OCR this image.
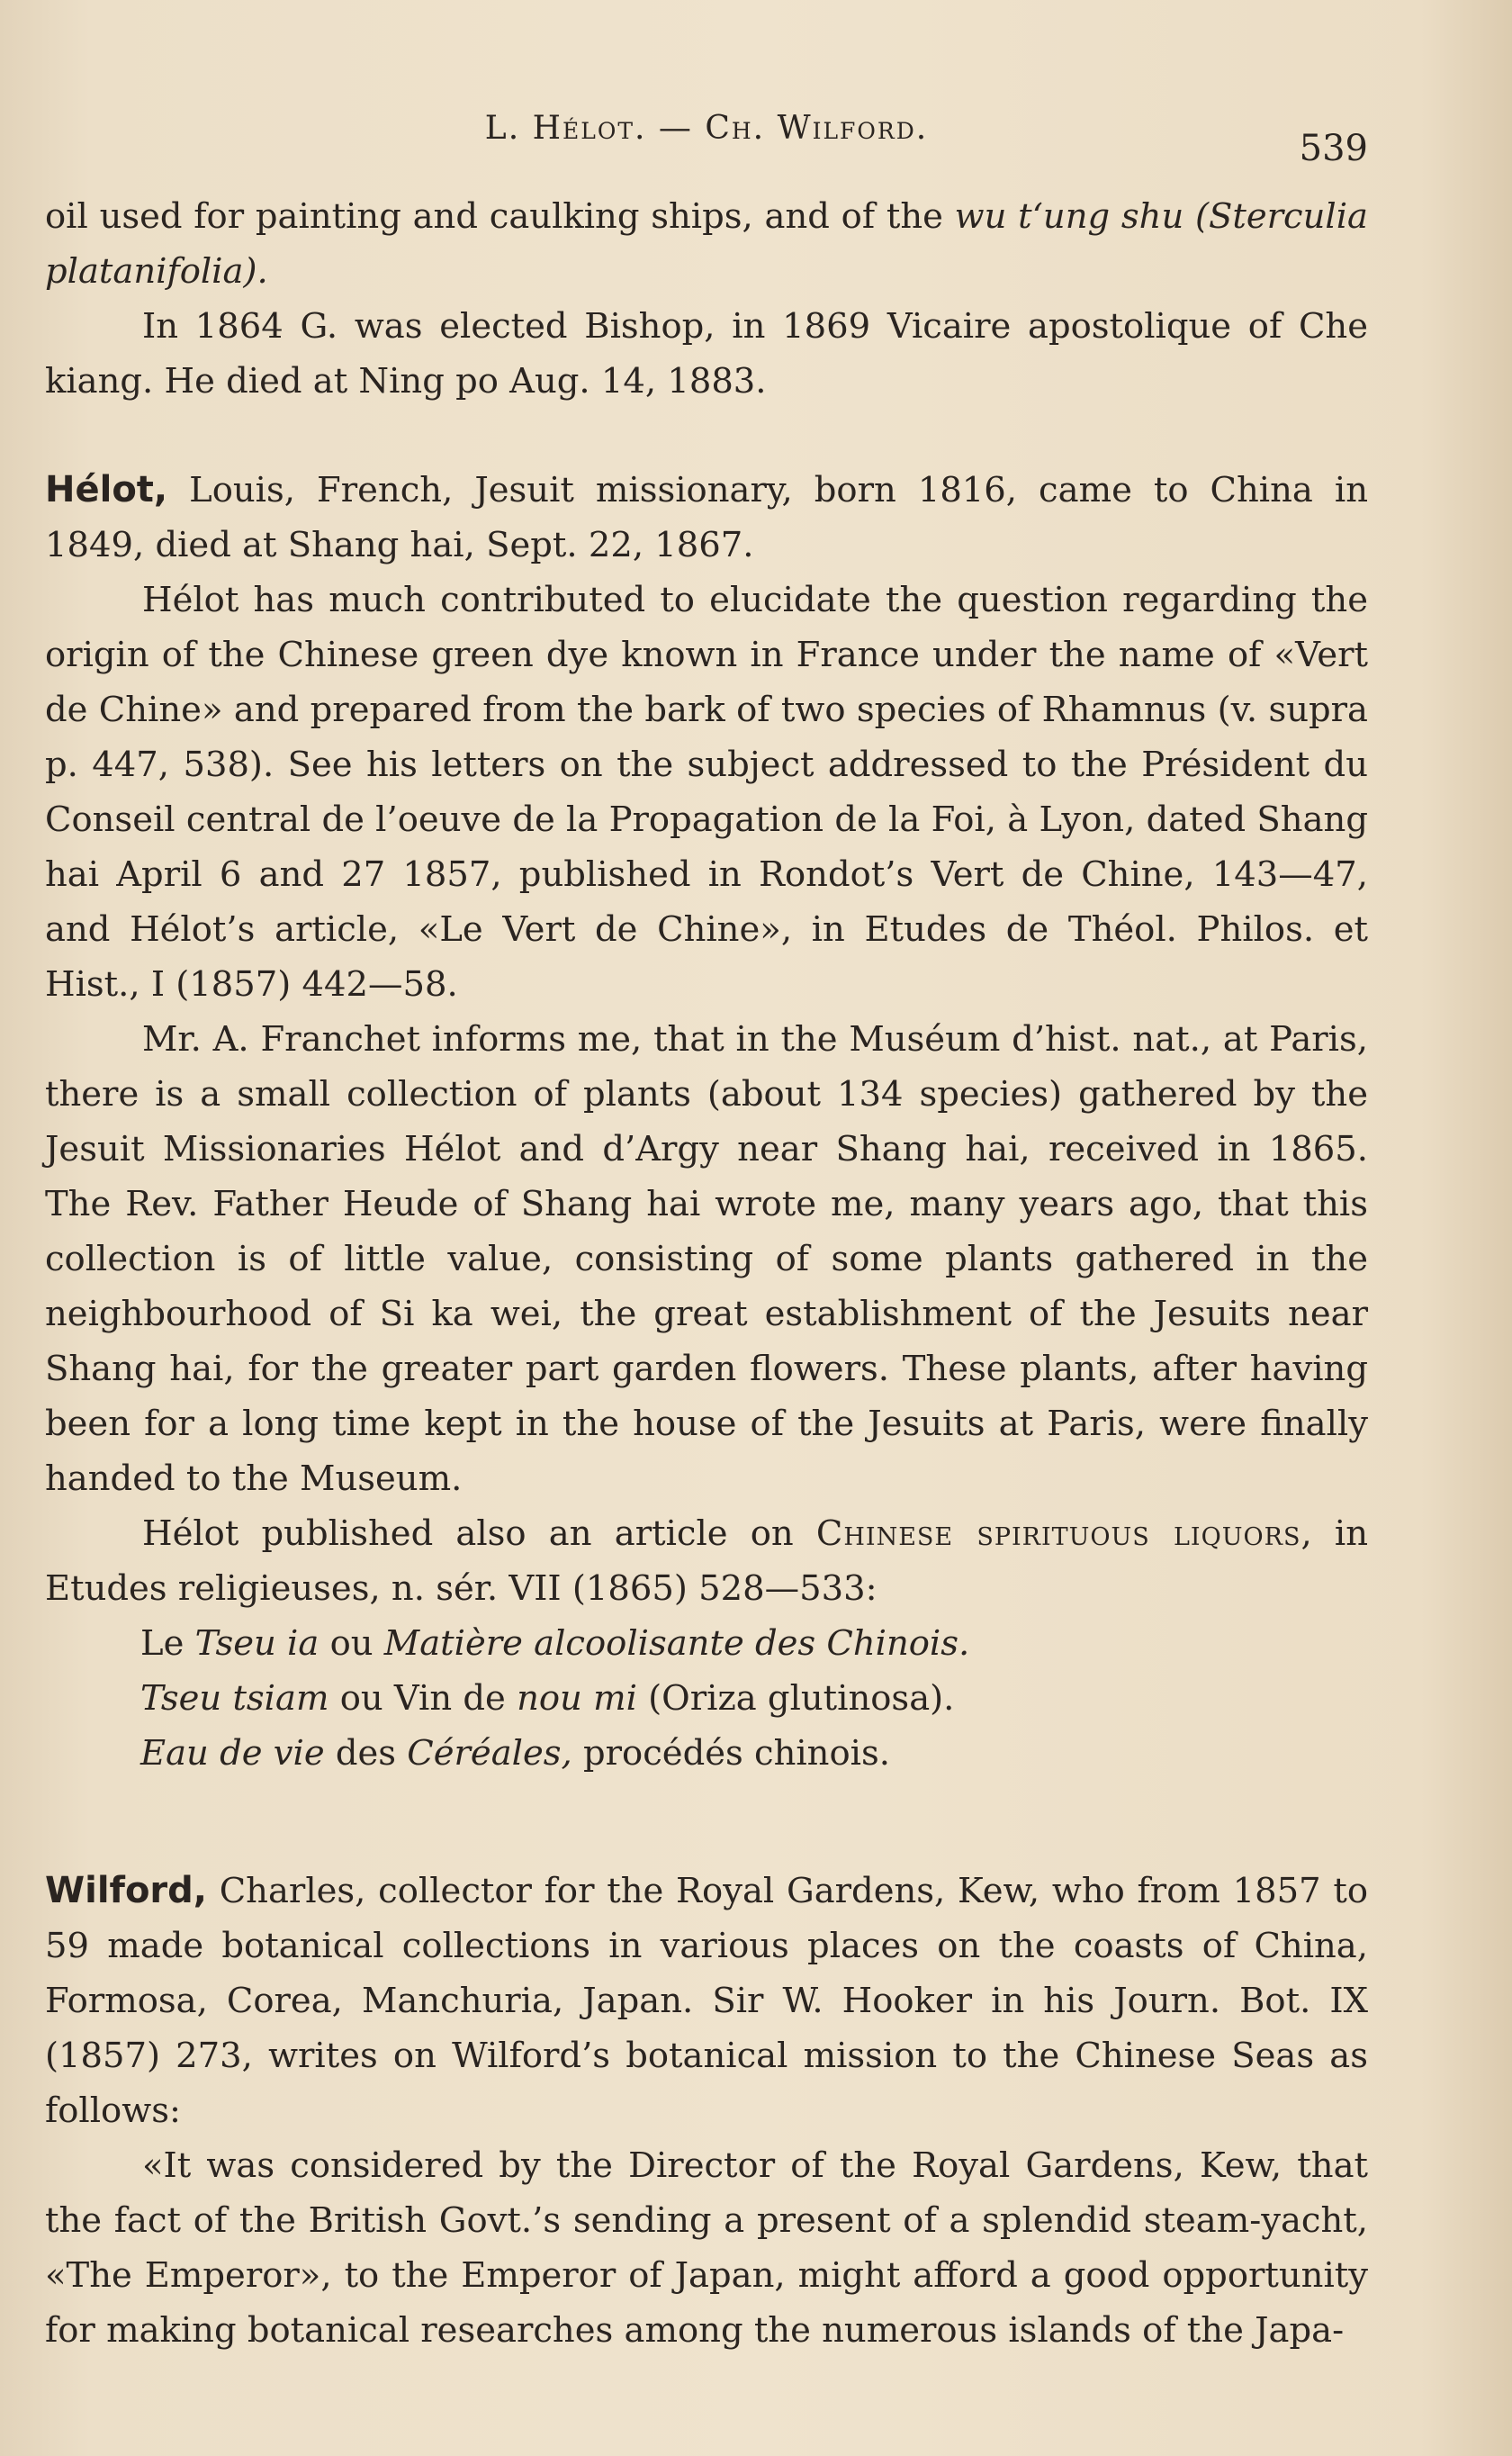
L. Hélot. — Ch. Wilford.	539

oil used for painting and caulking ships, and of the wu t‘ung shu (Sterculia platanifolia).

In 1864 G. was elected Bishop, in 1869 Vicaire apostolique of Che kiang. He died at Ning po Aug. 14, 1883.

Hélot, Louis, French, Jesuit missionary, born 1816, came to China in 1849, died at Shang hai, Sept. 22, 1867.

Hélot has much contributed to elucidate the question regarding the origin of the Chinese green dye known in France under the name of «Vert de Chine» and prepared from the bark of two species of Rhamnus (v. supra p. 447, 538). See his letters on the subject addressed to the Président du Conseil central de l’oeuve de la Propagation de la Foi, à Lyon, dated Shang hai April 6 and 27 1857, published in Rondot’s Vert de Chine, 143—47, and Hélot’s article, «Le Vert de Chine», in Etudes de Théol. Philos. et Hist., I (1857) 442—58.

Mr. A. Franchet informs me, that in the Muséum d’hist. nat., at Paris, there is a small collection of plants (about 134 species) gathered by the Jesuit Missionaries Hélot and d’Argy near Shang hai, received in 1865. The Rev. Father Heude of Shang hai wrote me, many years ago, that this collection is of little value, consisting of some plants gathered in the neighbourhood of Si ka wei, the great establishment of the Jesuits near Shang hai, for the greater part garden flowers. These plants, after having been for a long time kept in the house of the Jesuits at Paris, were finally handed to the Museum.

Hélot published also an article on Chinese spirituous liquors, in Etudes religieuses, n. sér. VII (1865) 528—533:

Le Tseu ia ou Matière alcoolisante des Chinois.

Tseu tsiam ou Vin de nou mi (Oriza glutinosa).

Eau de vie des Céréales, procédés chinois.

Wilford, Charles, collector for the Royal Gardens, Kew, who from 1857 to 59 made botanical collections in various places on the coasts of China, Formosa, Corea, Manchuria, Japan. Sir W. Hooker in his Journ. Bot. IX (1857) 273, writes on Wilford’s botanical mission to the Chinese Seas as follows:

«It was considered by the Director of the Royal Gardens, Kew, that the fact of the British Govt.’s sending a present of a splendid steam-yacht, «The Emperor», to the Emperor of Japan, might afford a good opportunity for making botanical researches among the numerous islands of the Japa-
